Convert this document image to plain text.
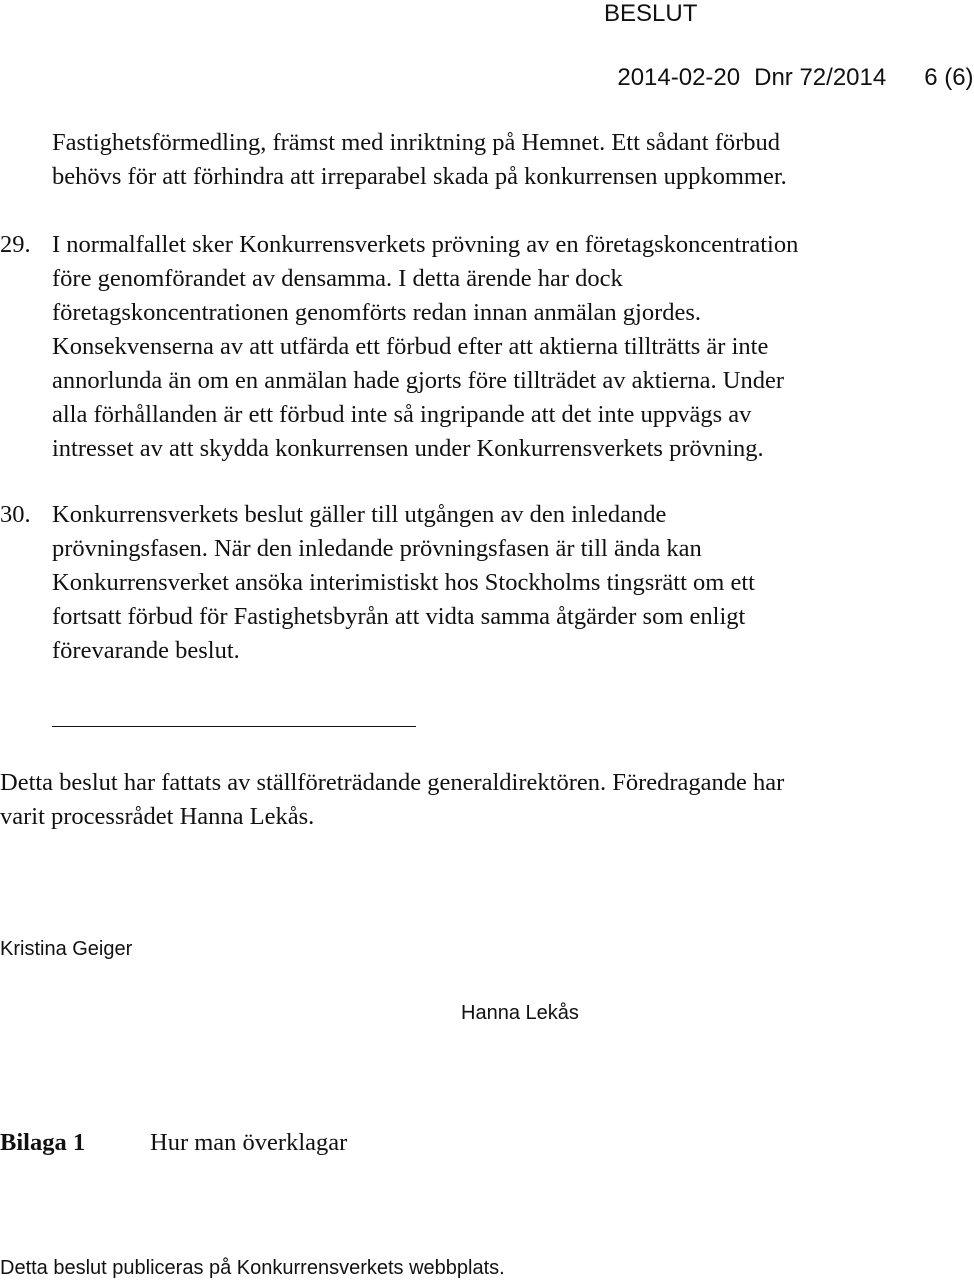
BESLUT

2014-02-20 Dnr 72/2014 6 (6)

Fastighetsförmedling, främst med inriktning på Hemnet. Ett sådant förbud

behövs för att förhindra att irreparabel skada på konkurrensen uppkommer.

29. I normalfallet sker Konkurrensverkets prövning av en företagskoncentration

före genomförandet av densamma. I detta ärende har dock

företagskoncentrationen genomförts redan innan anmälan gjordes.

Konsekvenserna av att utfärda ett förbud efter att aktierna tillträtts är inte

annorlunda än om en anmälan hade gjorts före tillträdet av aktierna. Under

alla förhållanden är ett förbud inte så ingripande att det inte uppvägs av

intresset av att skydda konkurrensen under Konkurrensverkets prövning.

30. Konkurrensverkets beslut gäller till utgången av den inledande

prövningsfasen. När den inledande prövningsfasen är till ända kan

Konkurrensverket ansöka interimistiskt hos Stockholms tingsrätt om ett

fortsatt förbud för Fastighetsbyrån att vidta samma åtgärder som enligt

förevarande beslut.

Detta beslut har fattats av ställföreträdande generaldirektören. Föredragande har

varit processrådet Hanna Lekås.

Kristina Geiger
Hanna Lekås
Bilaga 1	Hur man överklagar
Detta beslut publiceras på Konkurrensverkets webbplats.
